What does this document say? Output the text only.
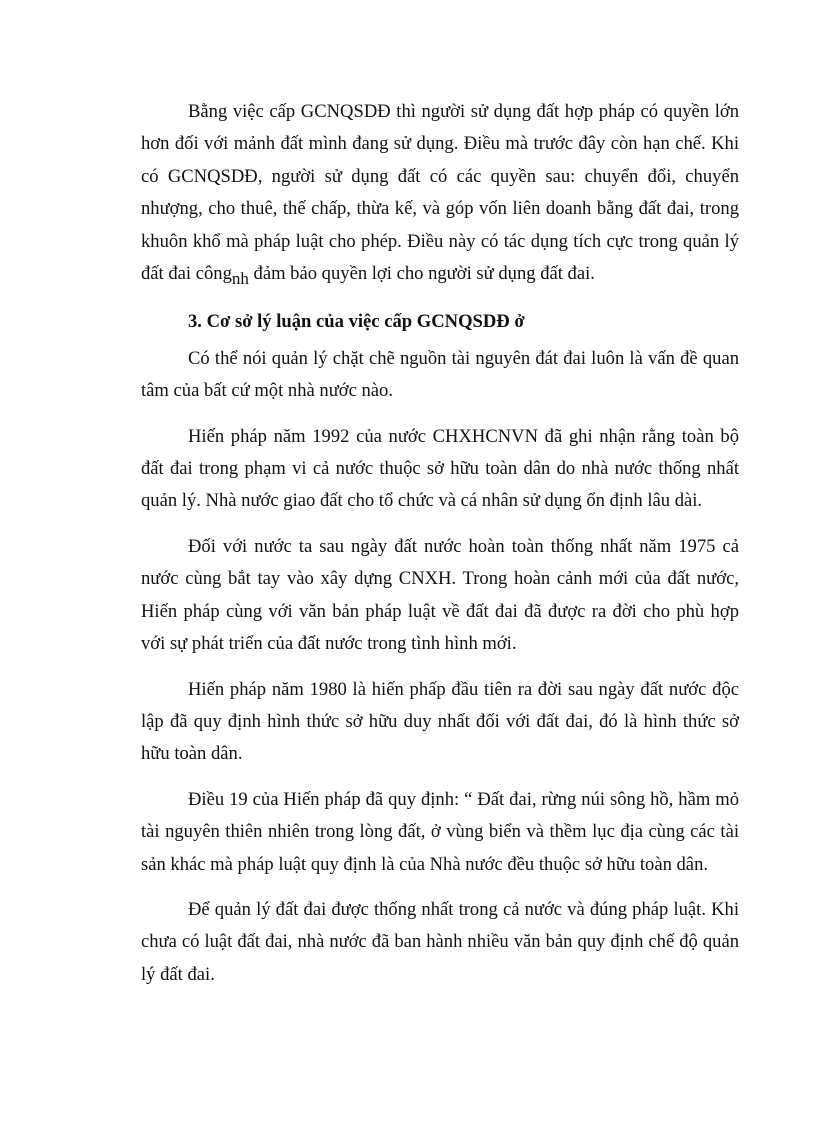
Bằng việc cấp GCNQSDĐ thì người sử dụng đất hợp pháp có quyền lớn hơn đối với mảnh đất mình đang sử dụng. Điều mà trước đây còn hạn chế. Khi có GCNQSDĐ, người sử dụng đất có các quyền sau: chuyển đổi, chuyển nhượng, cho thuê, thế chấp, thừa kế, và góp vốn liên doanh bằng đất đai, trong khuôn khổ mà pháp luật cho phép. Điều này có tác dụng tích cực trong quản lý đất đai côngnh đảm bảo quyền lợi cho người sử dụng đất đai.

3. Cơ sở lý luận của việc cấp GCNQSDĐ ở

Có thể nói quản lý chặt chẽ nguồn tài nguyên đát đai luôn là vấn đề quan tâm của bất cứ một nhà nước nào.

Hiến pháp năm 1992 của nước CHXHCNVN đã ghi nhận rằng toàn bộ đất đai trong phạm vi cả nước thuộc sở hữu toàn dân do nhà nước thống nhất quản lý. Nhà nước giao đất cho tổ chức và cá nhân sử dụng ổn định lâu dài.

Đối với nước ta sau ngày đất nước hoàn toàn thống nhất năm 1975 cả nước cùng bắt tay vào xây dựng CNXH. Trong hoàn cảnh mới của đất nước, Hiến pháp cùng với văn bản pháp luật về đất đai đã được ra đời cho phù hợp với sự phát triển của đất nước trong tình hình mới.

Hiến pháp năm 1980 là hiến phấp đầu tiên ra đời sau ngày đất nước độc lập đã quy định hình thức sở hữu duy nhất đối với đất đai, đó là hình thức sở hữu toàn dân.

Điều 19 của Hiến pháp đã quy định: “ Đất đai, rừng núi sông hồ, hầm mỏ tài nguyên thiên nhiên trong lòng đất, ở vùng biển và thềm lục địa cùng các tài sản khác mà pháp luật quy định là của Nhà nước đều thuộc sở hữu toàn dân.

Để quản lý đất đai được thống nhất trong cả nước và đúng pháp luật. Khi chưa có luật đất đai, nhà nước đã ban hành nhiều văn bản quy định chế độ quản lý đất đai.
